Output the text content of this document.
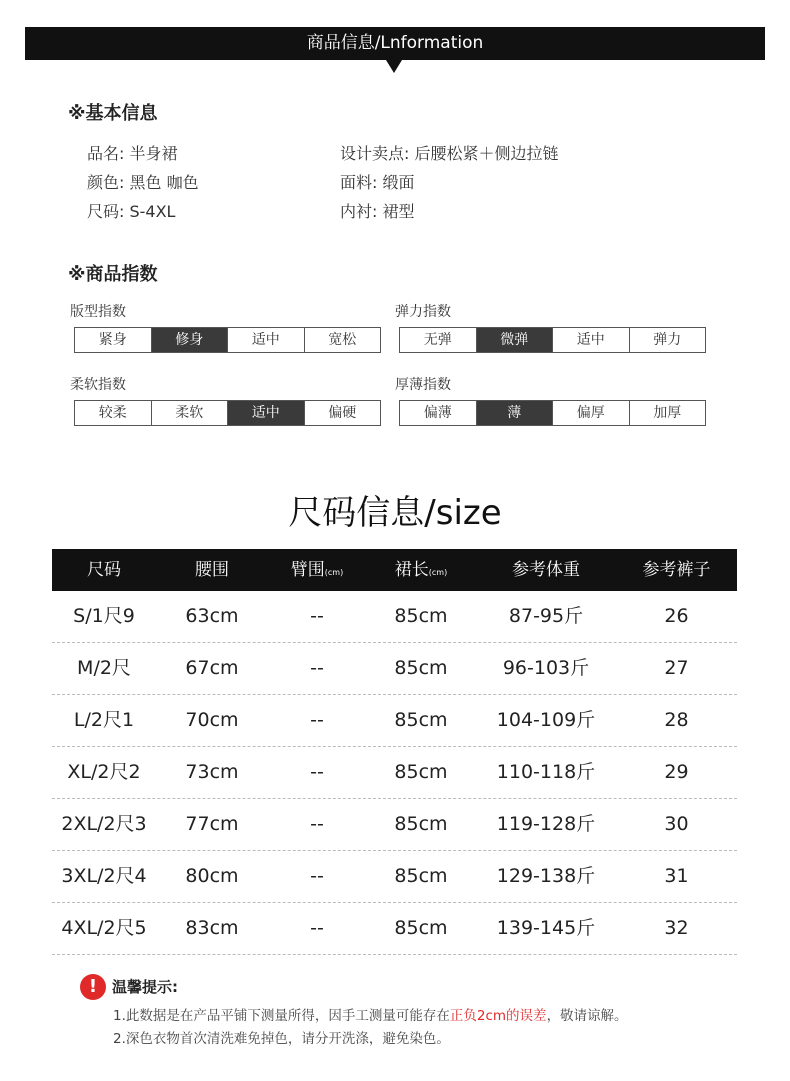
商品信息/Lnformation
※基本信息
品名: 半身裙
颜色: 黑色 咖色
尺码: S-4XL
设计卖点: 后腰松紧＋侧边拉链
面料: 缎面
内衬: 裙型
※商品指数
版型指数
紧身	修身	适中	宽松
弹力指数
无弹	微弹	适中	弹力
柔软指数
较柔	柔软	适中	偏硬
厚薄指数
偏薄	薄	偏厚	加厚
尺码信息/size
尺码	腰围	臂围(cm)	裙长(cm)	参考体重	参考裤子
S/1尺9	63cm	--	85cm	87-95斤	26
M/2尺	67cm	--	85cm	96-103斤	27
L/2尺1	70cm	--	85cm	104-109斤	28
XL/2尺2	73cm	--	85cm	110-118斤	29
2XL/2尺3	77cm	--	85cm	119-128斤	30
3XL/2尺4	80cm	--	85cm	129-138斤	31
4XL/2尺5	83cm	--	85cm	139-145斤	32
! 温馨提示:
1.此数据是在产品平铺下测量所得，因手工测量可能存在正负2cm的误差，敬请谅解。
2.深色衣物首次清洗难免掉色，请分开洗涤，避免染色。
